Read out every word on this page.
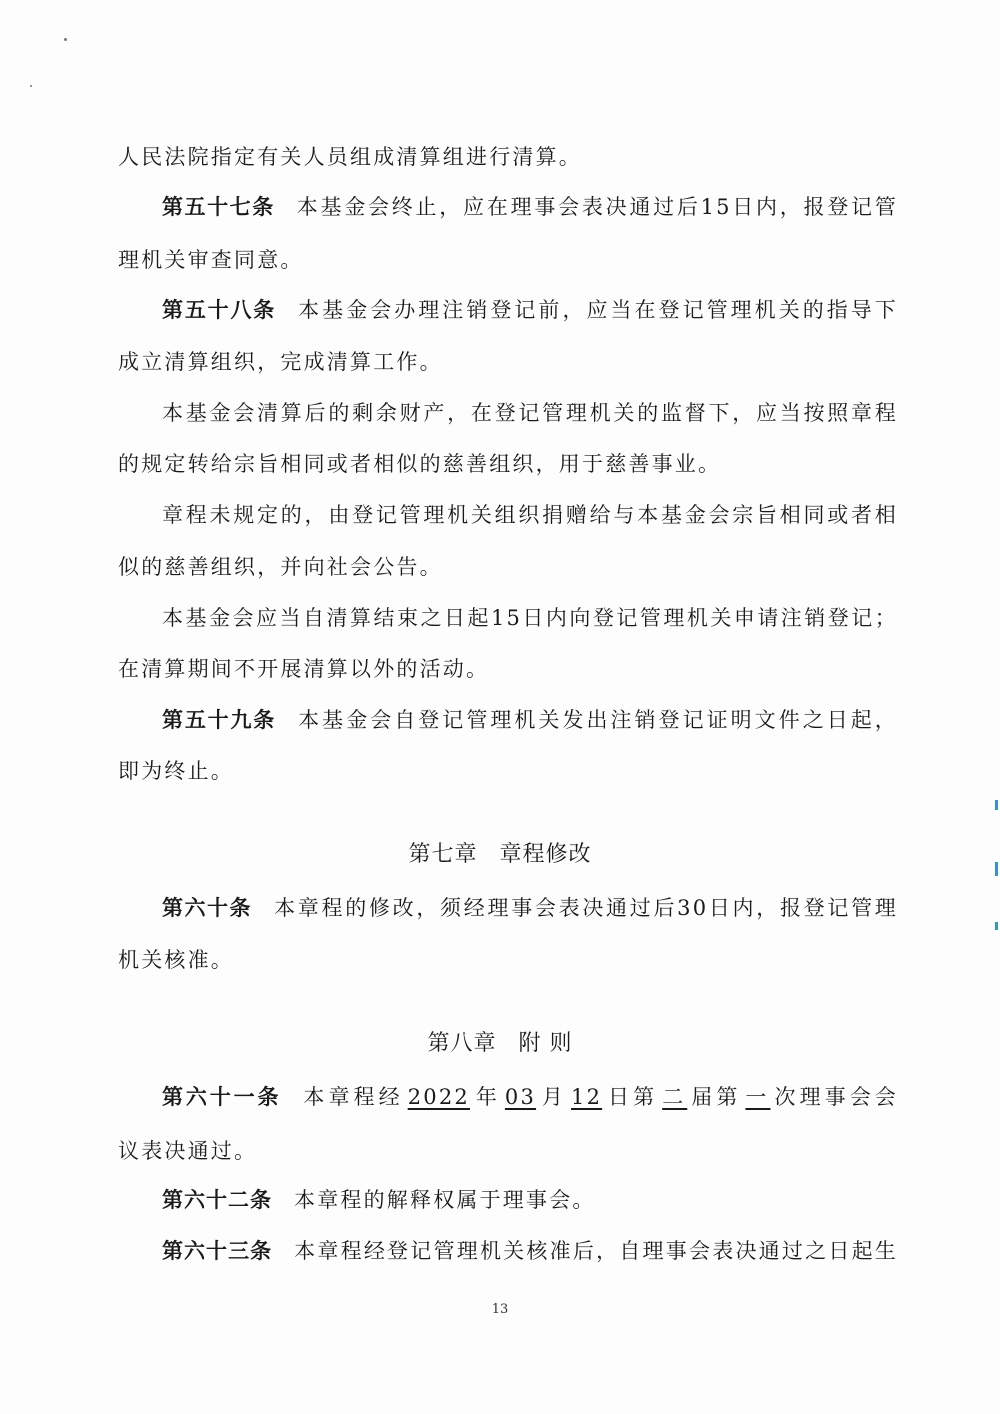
人民法院指定有关人员组成清算组进行清算。
第五十七条 本基金会终止，应在理事会表决通过后15日内，报登记管
理机关审查同意。
第五十八条 本基金会办理注销登记前，应当在登记管理机关的指导下
成立清算组织，完成清算工作。
本基金会清算后的剩余财产，在登记管理机关的监督下，应当按照章程
的规定转给宗旨相同或者相似的慈善组织，用于慈善事业。
章程未规定的，由登记管理机关组织捐赠给与本基金会宗旨相同或者相
似的慈善组织，并向社会公告。
本基金会应当自清算结束之日起15日内向登记管理机关申请注销登记；
在清算期间不开展清算以外的活动。
第五十九条 本基金会自登记管理机关发出注销登记证明文件之日起，
即为终止。
第七章 章程修改
第六十条 本章程的修改，须经理事会表决通过后30日内，报登记管理
机关核准。
第八章 附 则
第六十一条 本章程经 2022 年 03 月 12 日第 二 届第 一 次理事会会
议表决通过。
第六十二条 本章程的解释权属于理事会。
第六十三条 本章程经登记管理机关核准后，自理事会表决通过之日起生
13
